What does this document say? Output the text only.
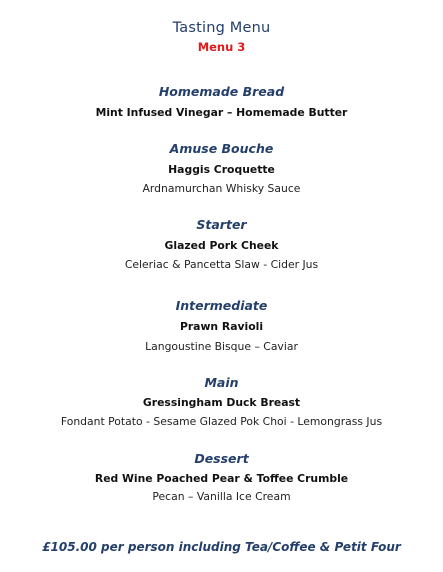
Tasting Menu
Menu 3
Homemade Bread
Mint Infused Vinegar – Homemade Butter
Amuse Bouche
Haggis Croquette
Ardnamurchan Whisky Sauce
Starter
Glazed Pork Cheek
Celeriac & Pancetta Slaw - Cider Jus
Intermediate
Prawn Ravioli
Langoustine Bisque – Caviar
Main
Gressingham Duck Breast
Fondant Potato - Sesame Glazed Pok Choi - Lemongrass Jus
Dessert
Red Wine Poached Pear & Toffee Crumble
Pecan – Vanilla Ice Cream
£105.00 per person including Tea/Coffee & Petit Four
